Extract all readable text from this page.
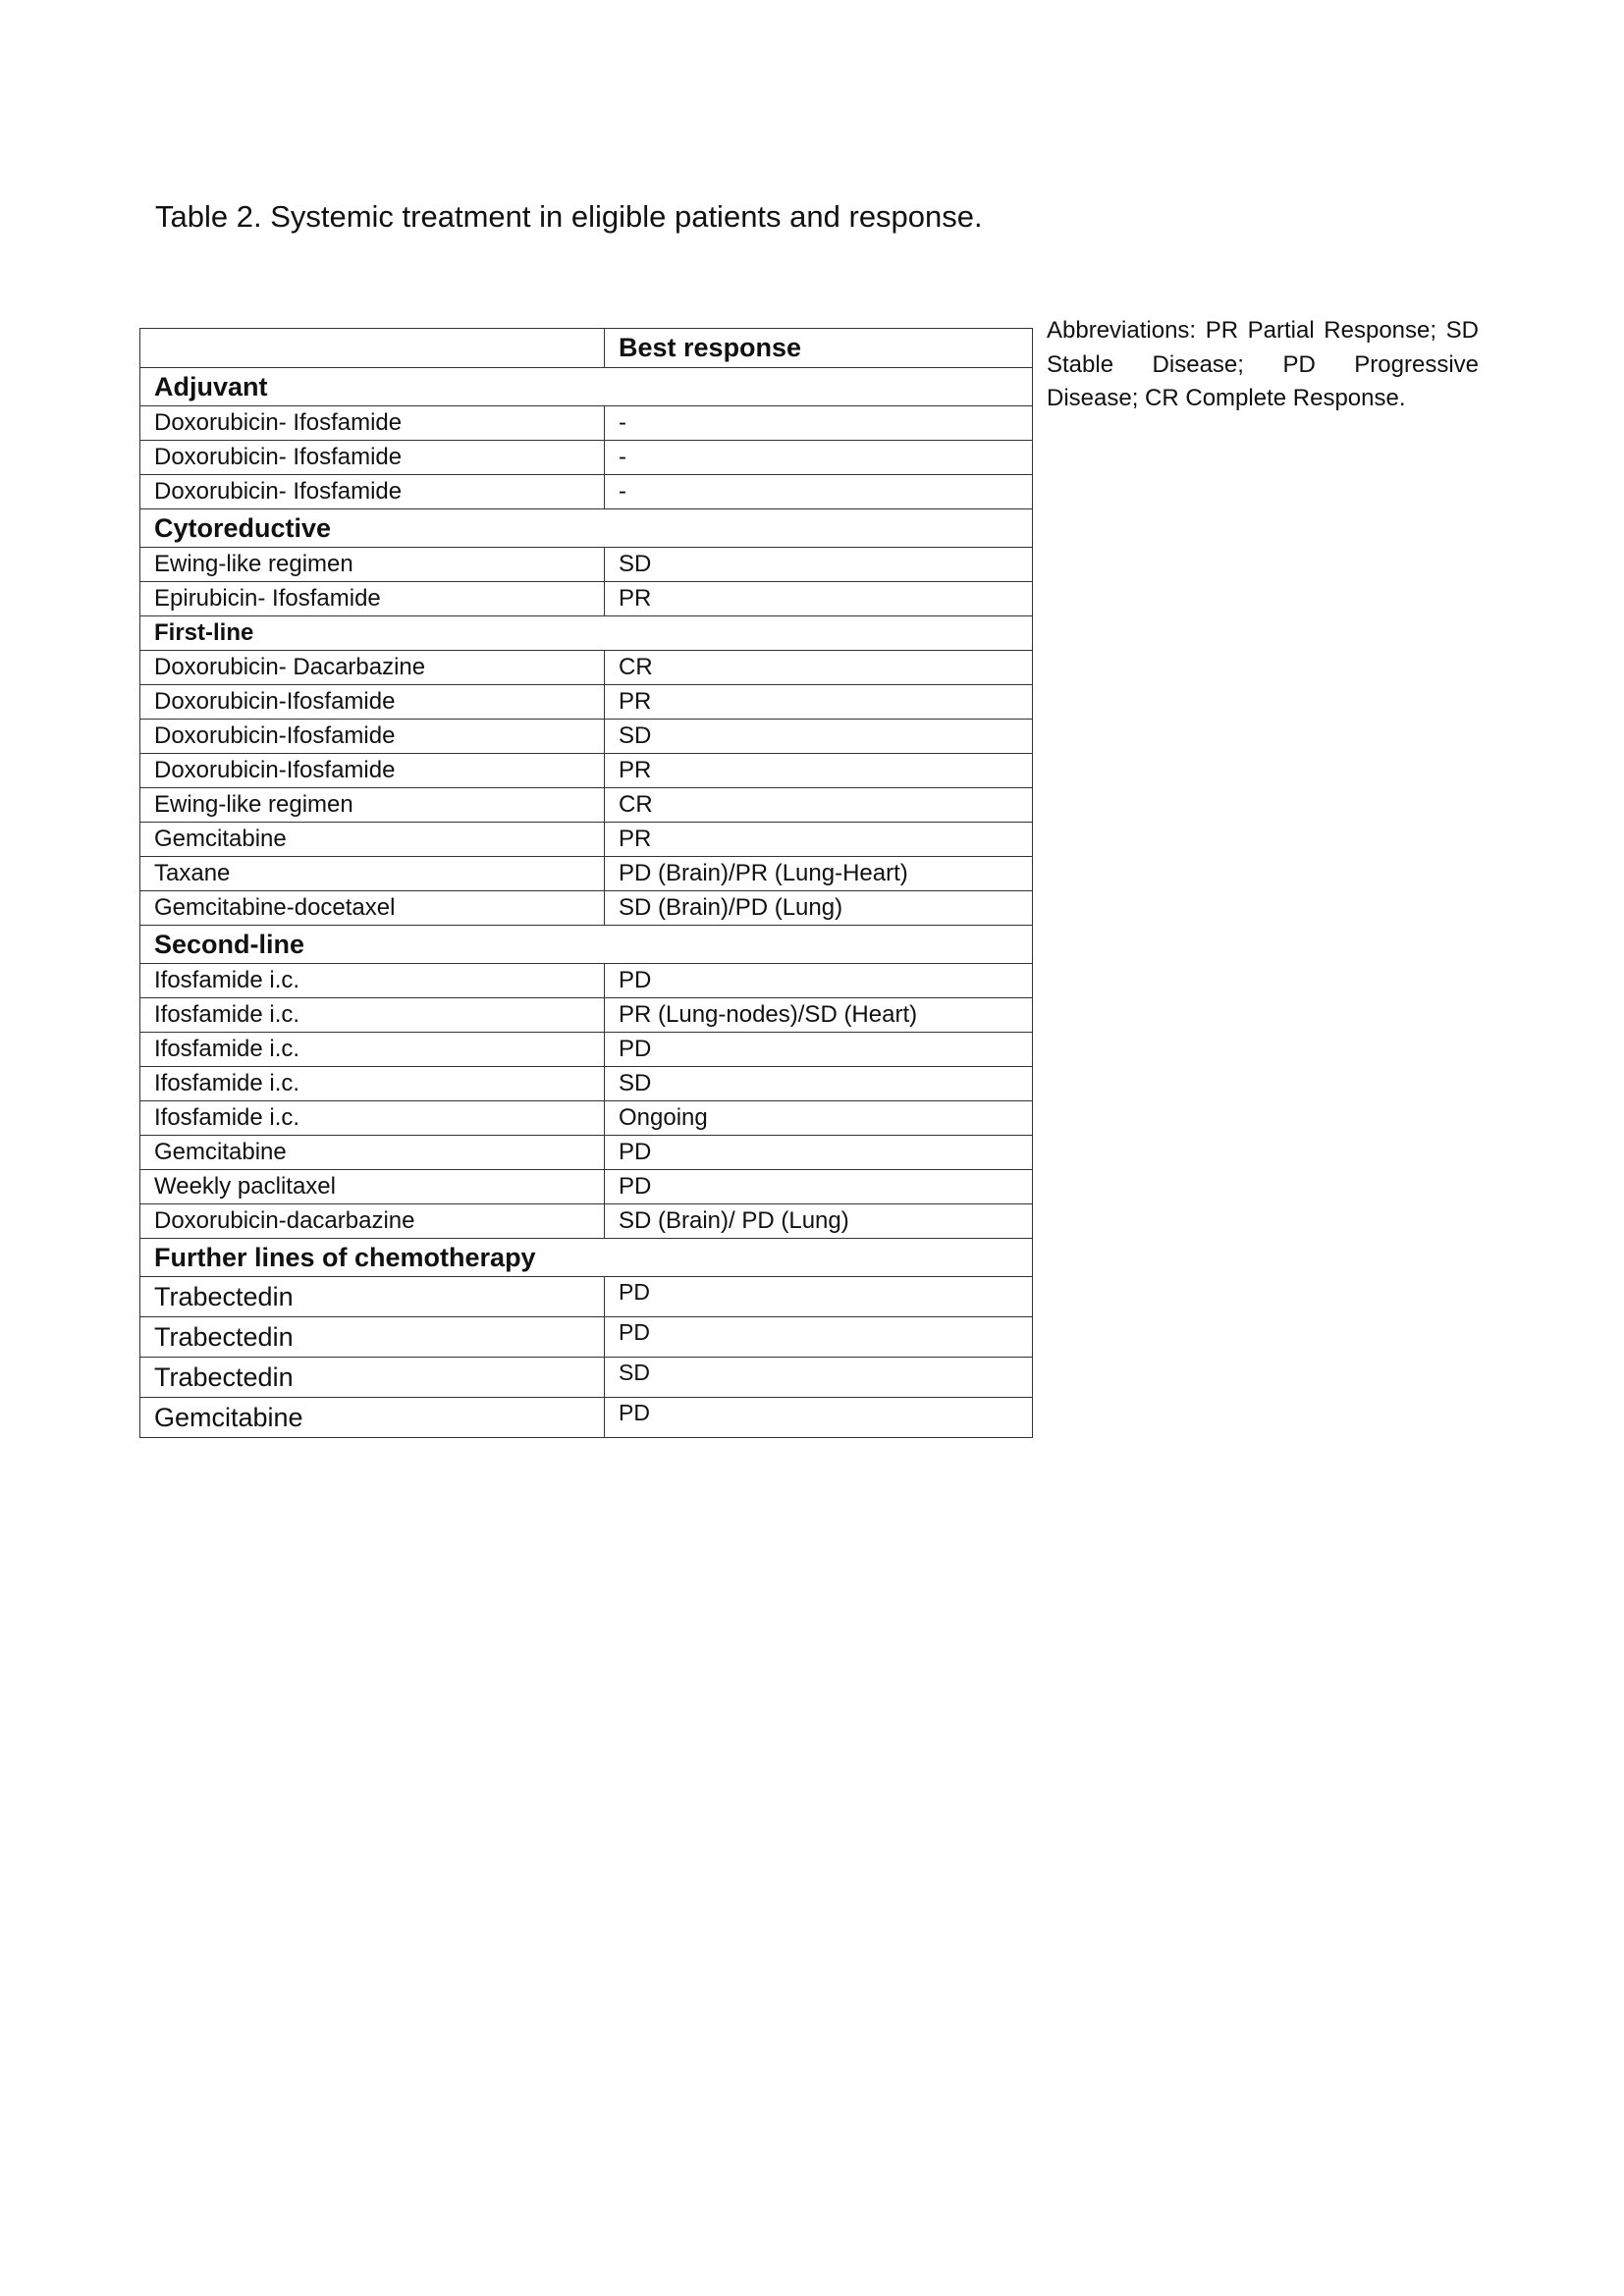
Table 2. Systemic treatment in eligible patients and response.
Abbreviations: PR Partial Response; SD Stable Disease; PD Progressive Disease; CR Complete Response.
	Best response
Adjuvant	
Doxorubicin- Ifosfamide	-
Doxorubicin- Ifosfamide	-
Doxorubicin- Ifosfamide	-
Cytoreductive	
Ewing-like regimen	SD
Epirubicin- Ifosfamide	PR
First-line	
Doxorubicin- Dacarbazine	CR
Doxorubicin-Ifosfamide	PR
Doxorubicin-Ifosfamide	SD
Doxorubicin-Ifosfamide	PR
Ewing-like regimen	CR
Gemcitabine	PR
Taxane	PD (Brain)/PR (Lung-Heart)
Gemcitabine-docetaxel	SD (Brain)/PD (Lung)
Second-line	
Ifosfamide i.c.	PD
Ifosfamide i.c.	PR (Lung-nodes)/SD (Heart)
Ifosfamide i.c.	PD
Ifosfamide i.c.	SD
Ifosfamide i.c.	Ongoing
Gemcitabine	PD
Weekly paclitaxel	PD
Doxorubicin-dacarbazine	SD (Brain)/ PD (Lung)
Further lines of chemotherapy	
Trabectedin	PD
Trabectedin	PD
Trabectedin	SD
Gemcitabine	PD
